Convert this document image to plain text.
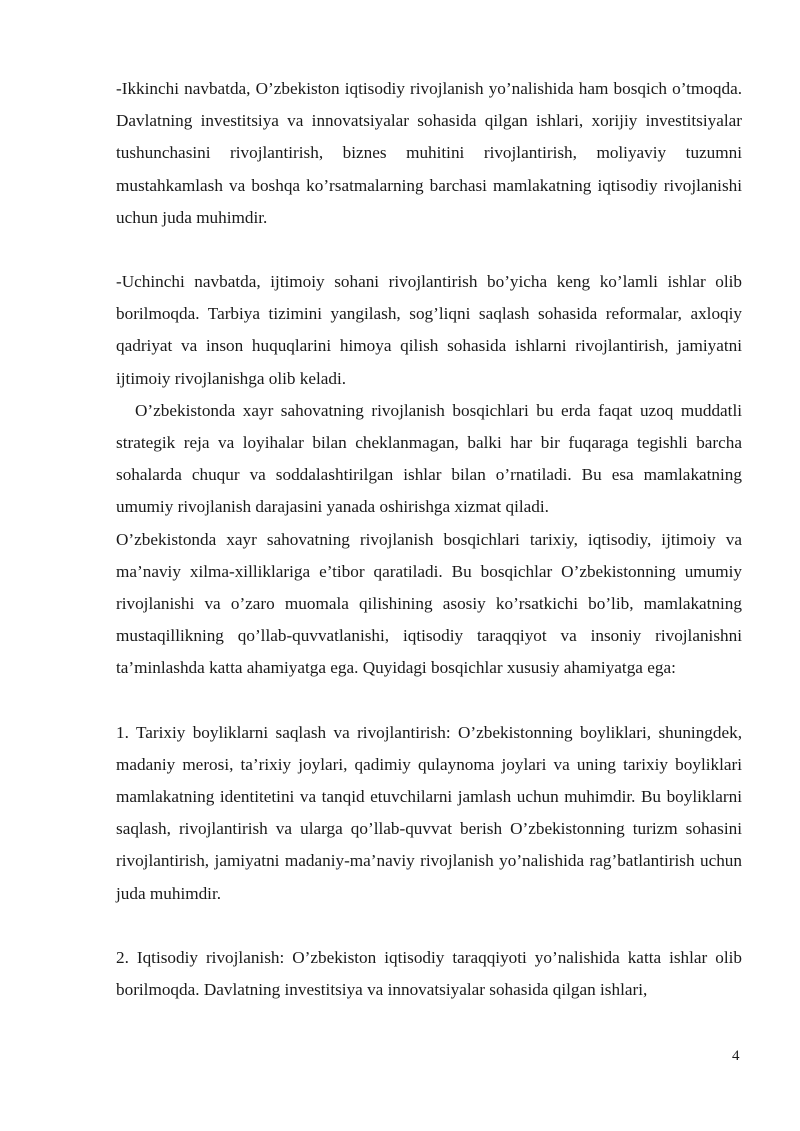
-Ikkinchi navbatda, O’zbekiston iqtisodiy rivojlanish yo’nalishida ham bosqich o’tmoqda. Davlatning investitsiya va innovatsiyalar sohasida qilgan ishlari, xorijiy investitsiyalar tushunchasini rivojlantirish, biznes muhitini rivojlantirish, moliyaviy tuzumni mustahkamlash va boshqa ko’rsatmalarning barchasi mamlakatning iqtisodiy rivojlanishi uchun juda muhimdir.

-Uchinchi navbatda, ijtimoiy sohani rivojlantirish bo’yicha keng ko’lamli ishlar olib borilmoqda. Tarbiya tizimini yangilash, sog’liqni saqlash sohasida reformalar, axloqiy qadriyat va inson huquqlarini himoya qilish sohasida ishlarni rivojlantirish, jamiyatni ijtimoiy rivojlanishga olib keladi.

O’zbekistonda xayr sahovatning rivojlanish bosqichlari bu erda faqat uzoq muddatli strategik reja va loyihalar bilan cheklanmagan, balki har bir fuqaraga tegishli barcha sohalarda chuqur va soddalashtirilgan ishlar bilan o’rnatiladi. Bu esa mamlakatning umumiy rivojlanish darajasini yanada oshirishga xizmat qiladi.

O’zbekistonda xayr sahovatning rivojlanish bosqichlari tarixiy, iqtisodiy, ijtimoiy va ma’naviy xilma-xilliklariga e’tibor qaratiladi. Bu bosqichlar O’zbekistonning umumiy rivojlanishi va o’zaro muomala qilishining asosiy ko’rsatkichi bo’lib, mamlakatning mustaqillikning qo’llab-quvvatlanishi, iqtisodiy taraqqiyot va insoniy rivojlanishni ta’minlashda katta ahamiyatga ega. Quyidagi bosqichlar xususiy ahamiyatga ega:

1. Tarixiy boyliklarni saqlash va rivojlantirish: O’zbekistonning boyliklari, shuningdek, madaniy merosi, ta’rixiy joylari, qadimiy qulaynoma joylari va uning tarixiy boyliklari mamlakatning identitetini va tanqid etuvchilarni jamlash uchun muhimdir. Bu boyliklarni saqlash, rivojlantirish va ularga qo’llab-quvvat berish O’zbekistonning turizm sohasini rivojlantirish, jamiyatni madaniy-ma’naviy rivojlanish yo’nalishida rag’batlantirish uchun juda muhimdir.

2. Iqtisodiy rivojlanish: O’zbekiston iqtisodiy taraqqiyoti yo’nalishida katta ishlar olib borilmoqda. Davlatning investitsiya va innovatsiyalar sohasida qilgan ishlari,

4
